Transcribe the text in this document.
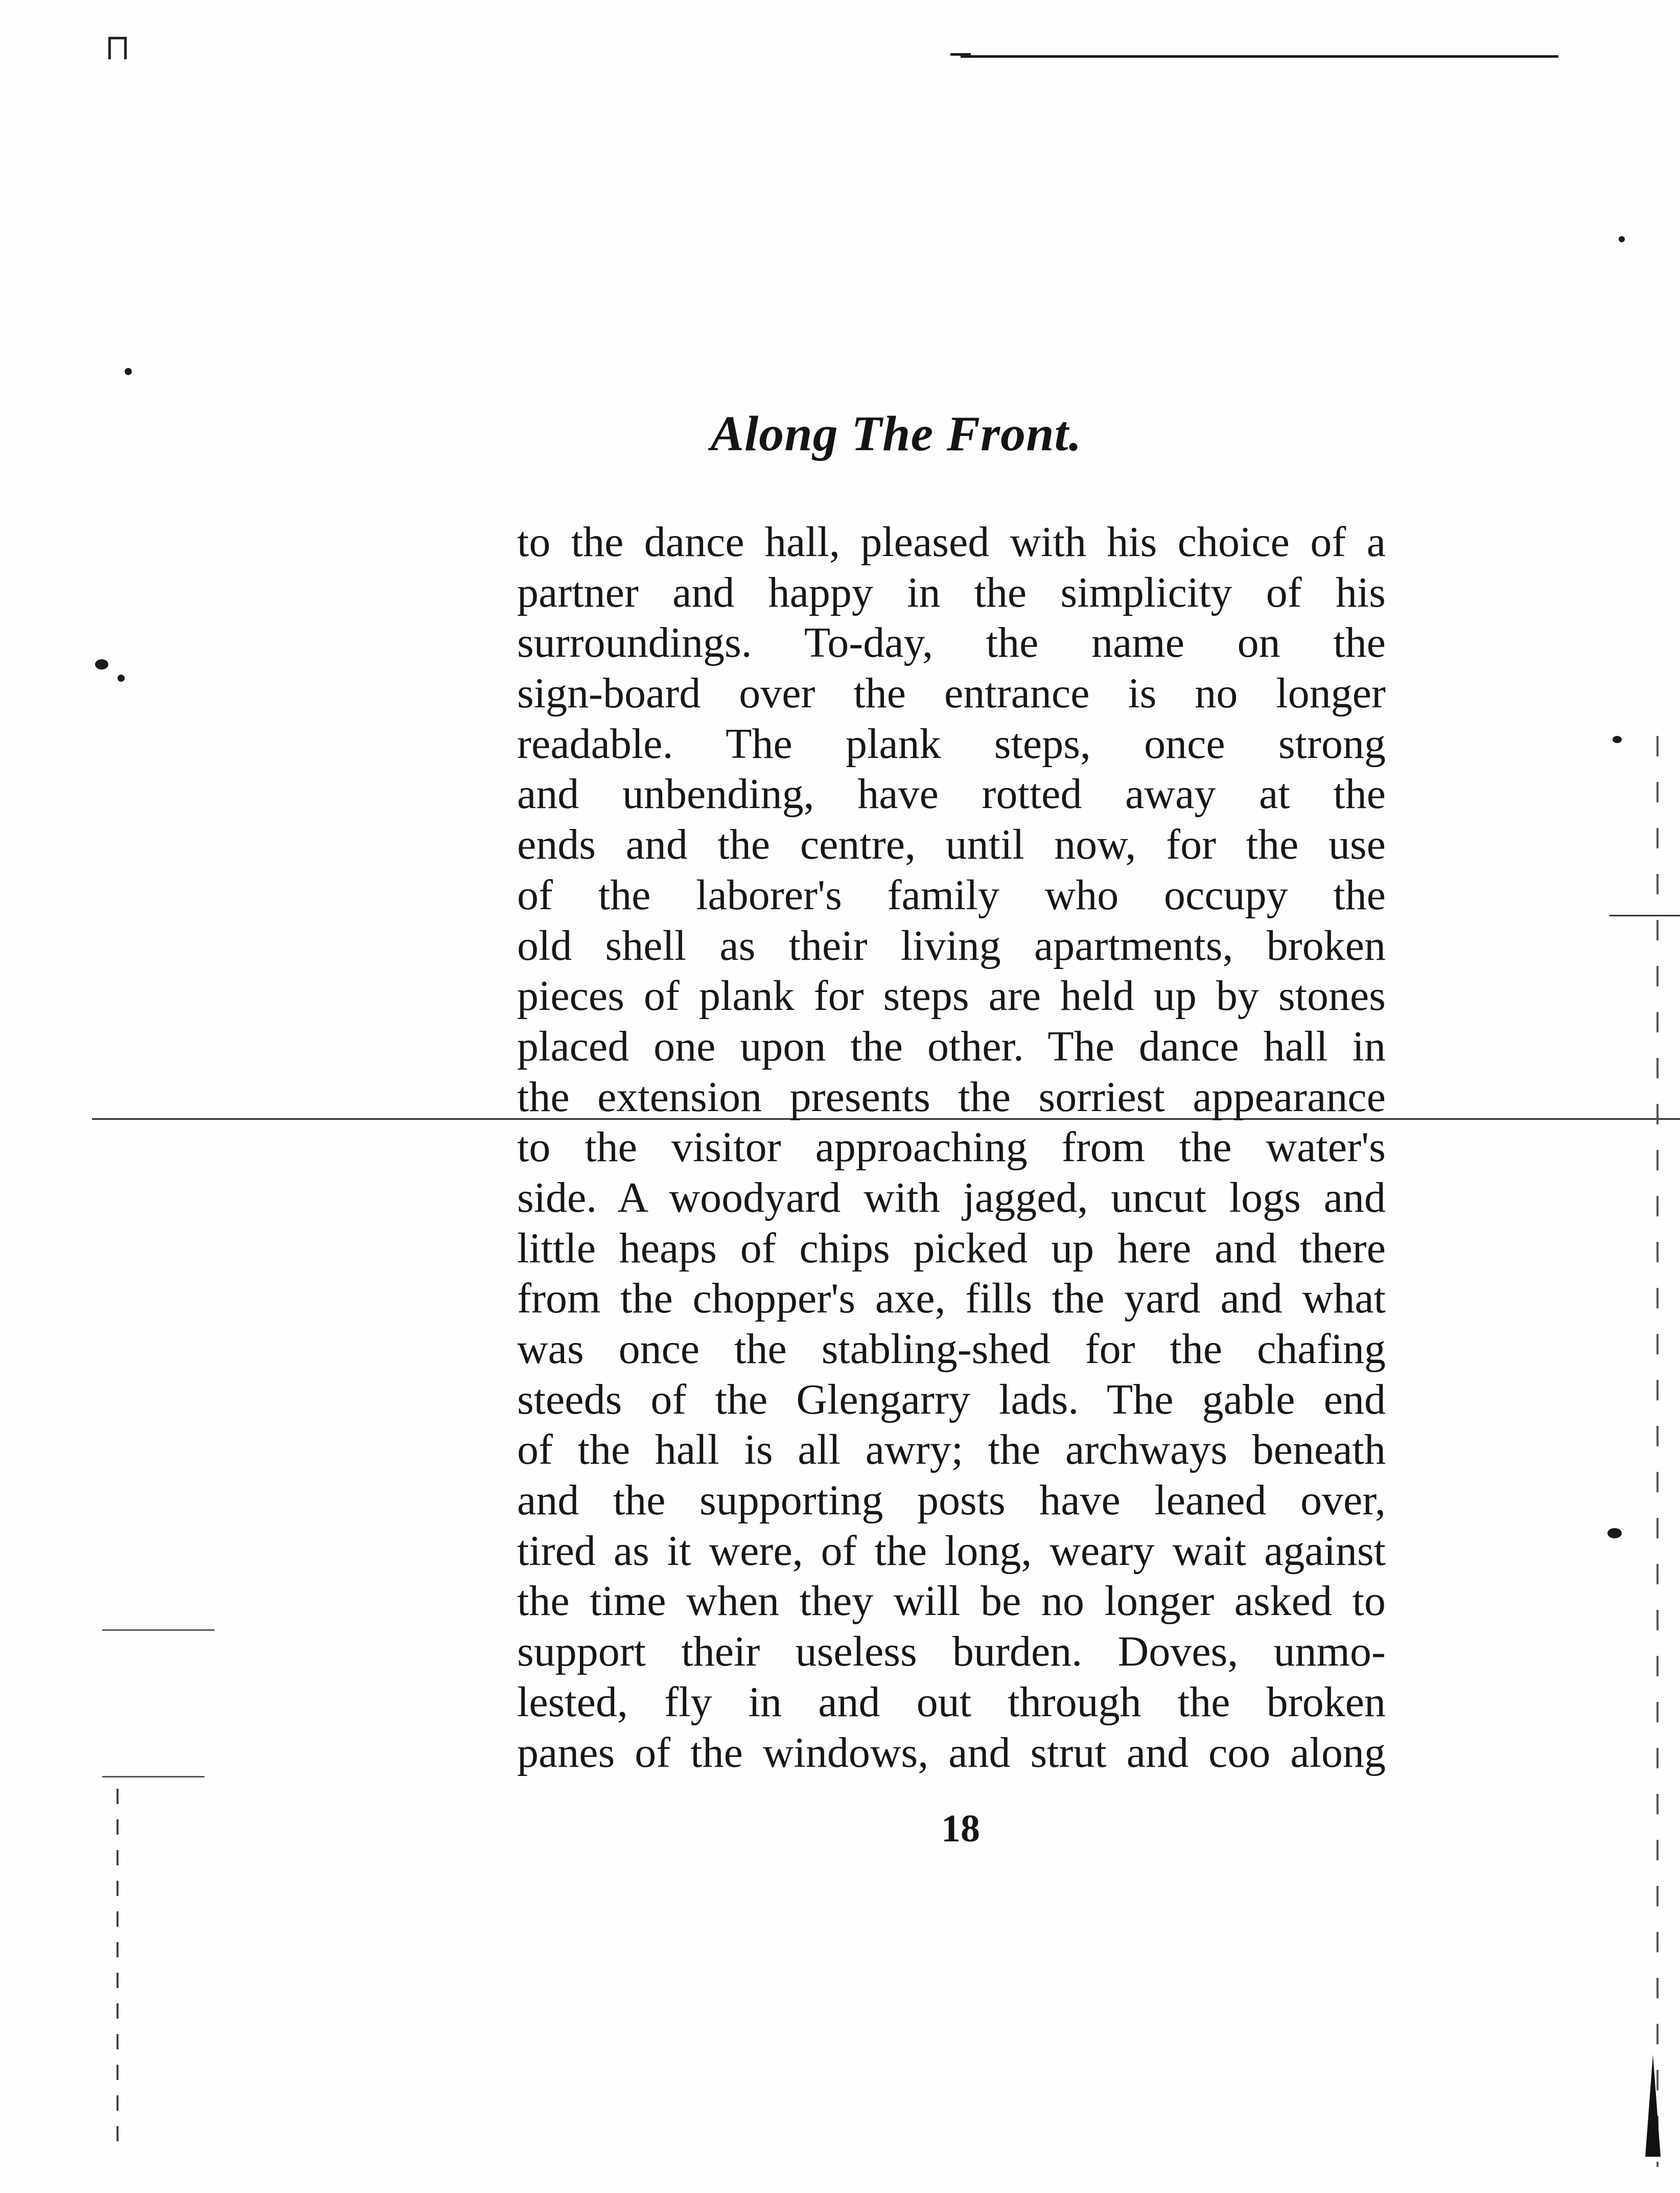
Along The Front.
to the dance hall, pleased with his choice of a
partner and happy in the simplicity of his
surroundings. To-day, the name on the
sign-board over the entrance is no longer
readable. The plank steps, once strong
and unbending, have rotted away at the
ends and the centre, until now, for the use
of the laborer's family who occupy the
old shell as their living apartments, broken
pieces of plank for steps are held up by stones
placed one upon the other. The dance hall in
the extension presents the sorriest appearance
to the visitor approaching from the water's
side. A woodyard with jagged, uncut logs and
little heaps of chips picked up here and there
from the chopper's axe, fills the yard and what
was once the stabling-shed for the chafing
steeds of the Glengarry lads. The gable end
of the hall is all awry; the archways beneath
and the supporting posts have leaned over,
tired as it were, of the long, weary wait against
the time when they will be no longer asked to
support their useless burden. Doves, unmo-
lested, fly in and out through the broken
panes of the windows, and strut and coo along
18
